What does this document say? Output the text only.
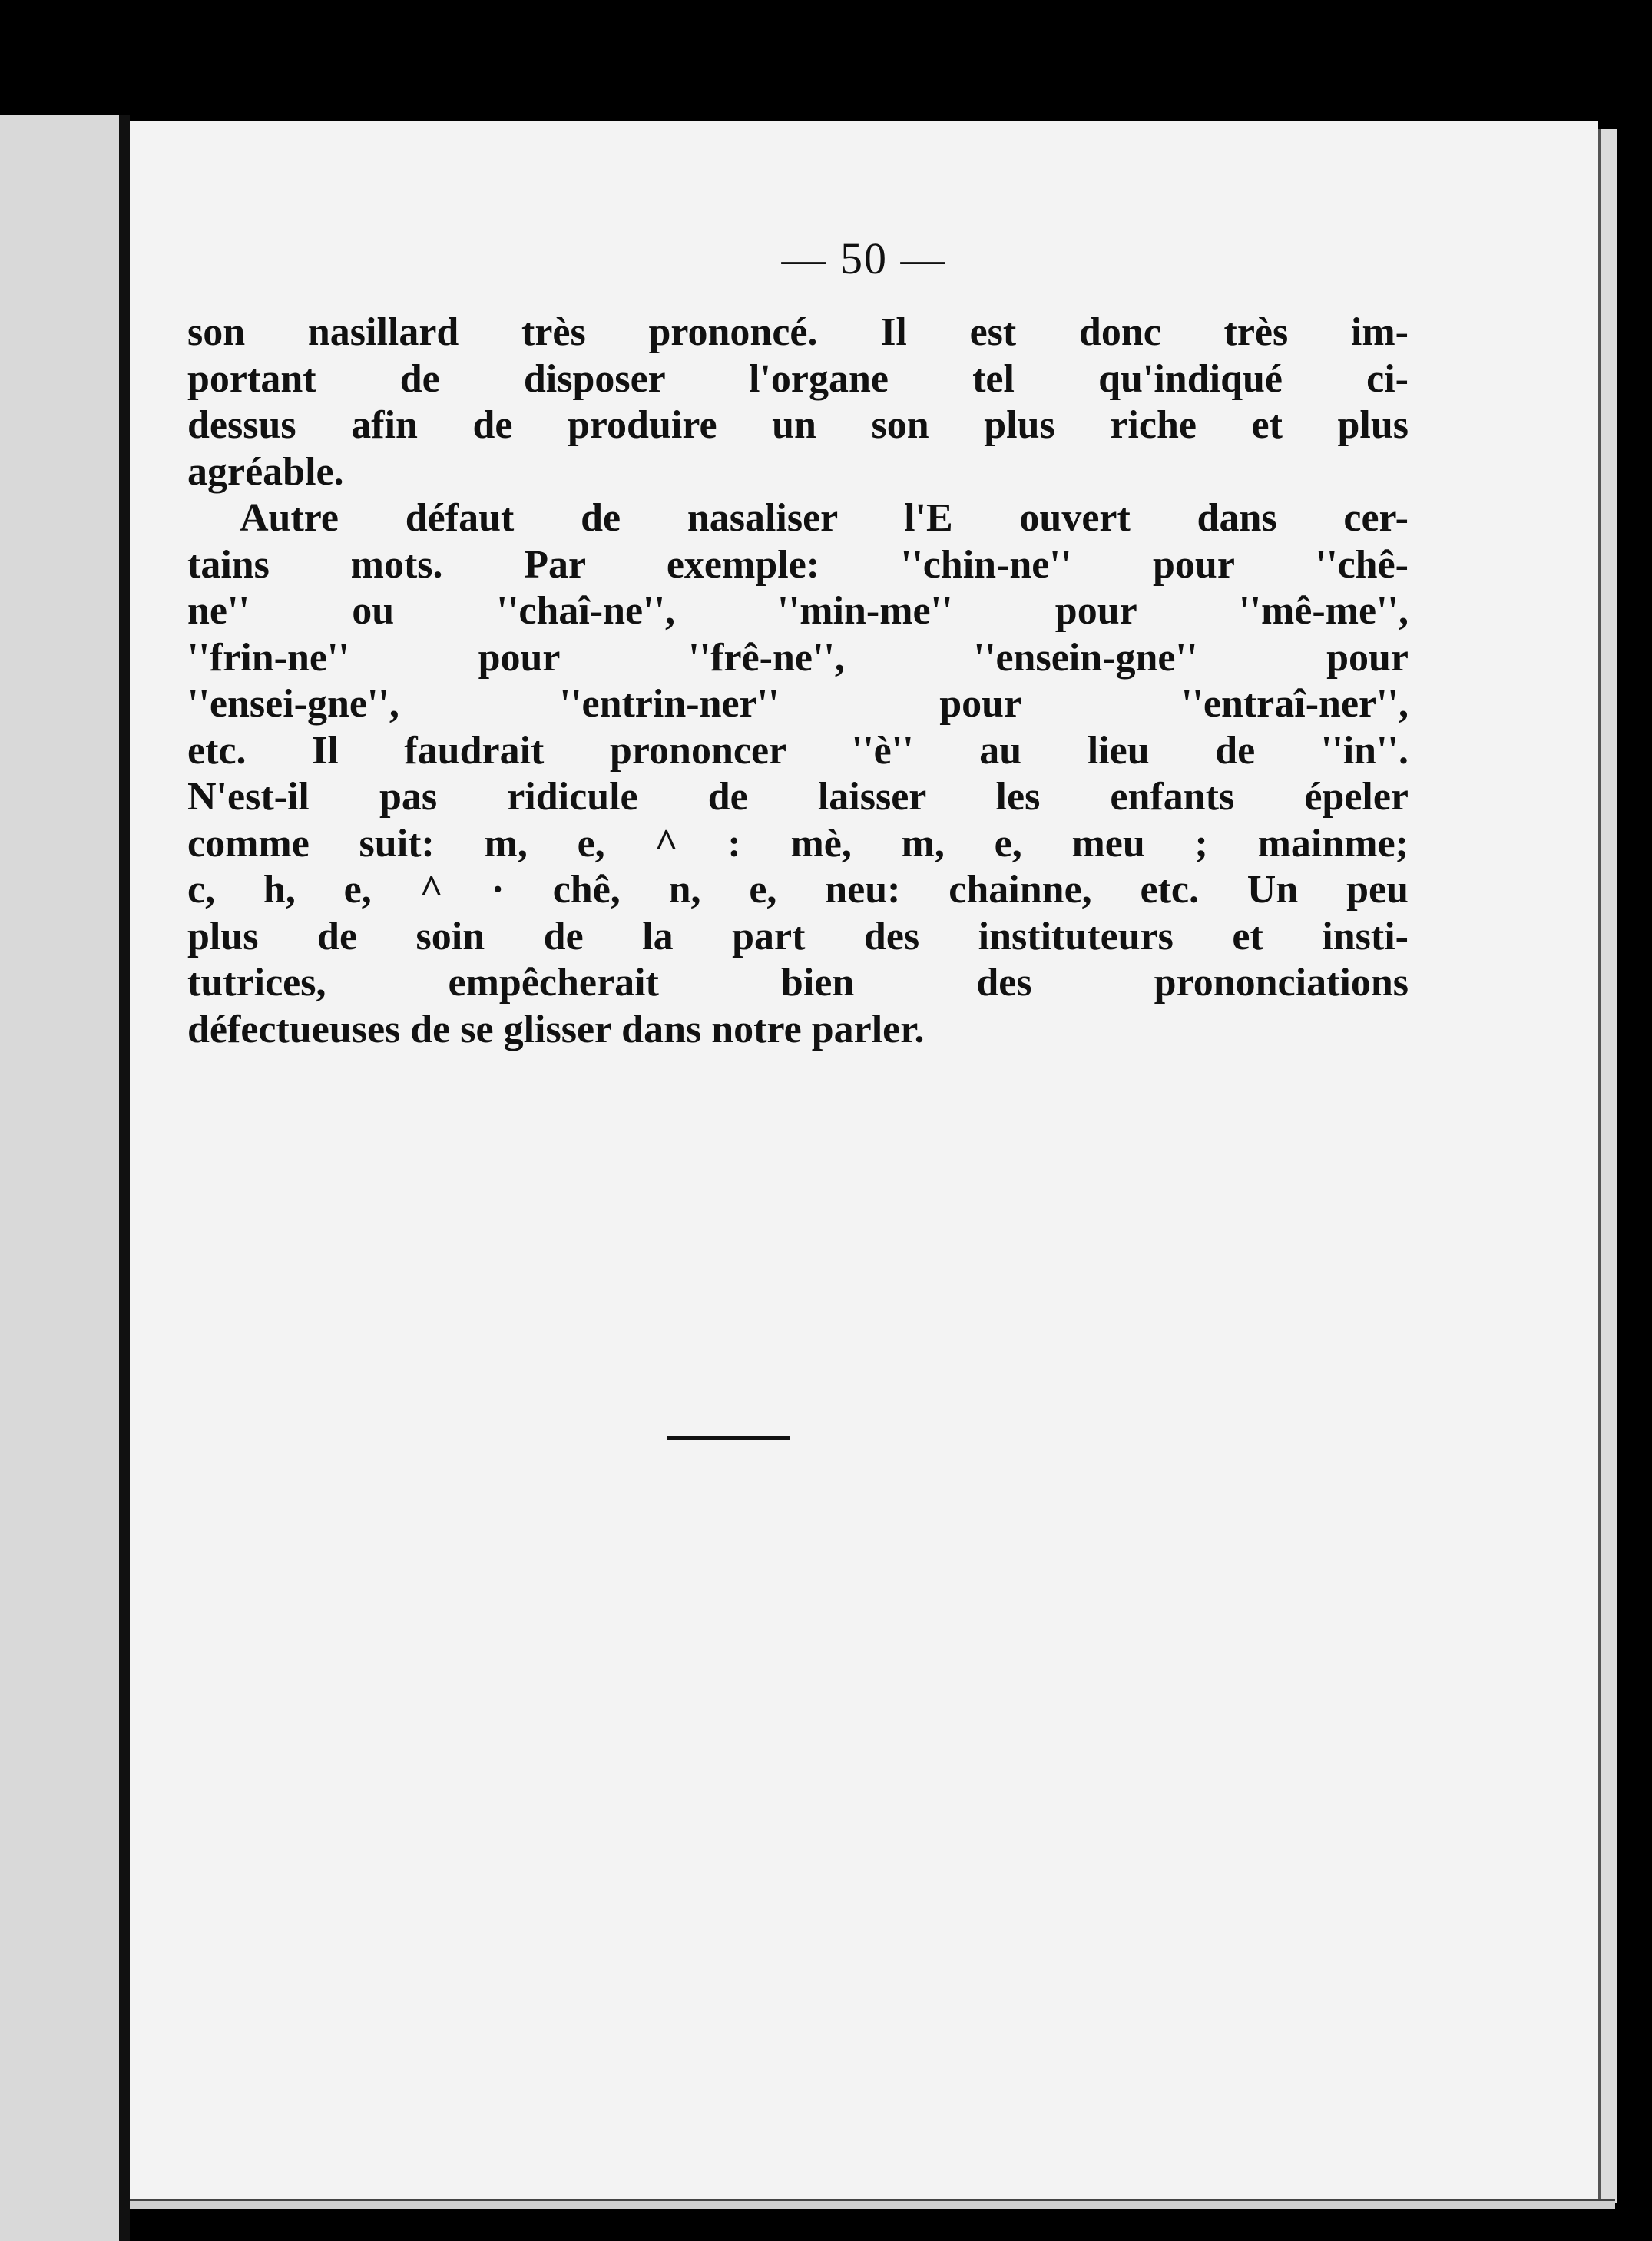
— 50 —
son nasillard très prononcé. Il est donc très im-
portant de disposer l'organe tel qu'indiqué ci-
dessus afin de produire un son plus riche et plus
agréable.
Autre défaut de nasaliser l'E ouvert dans cer-
tains mots. Par exemple: ''chin-ne'' pour ''chê-
ne'' ou ''chaî-ne'', ''min-me'' pour ''mê-me'',
''frin-ne'' pour ''frê-ne'', ''ensein-gne'' pour
''ensei-gne'', ''entrin-ner'' pour ''entraî-ner'',
etc. Il faudrait prononcer ''è'' au lieu de ''in''.
N'est-il pas ridicule de laisser les enfants épeler
comme suit: m, e, ^ : mè, m, e, meu ; mainme;
c, h, e, ^ · chê, n, e, neu: chainne, etc. Un peu
plus de soin de la part des instituteurs et insti-
tutrices, empêcherait bien des prononciations
défectueuses de se glisser dans notre parler.
